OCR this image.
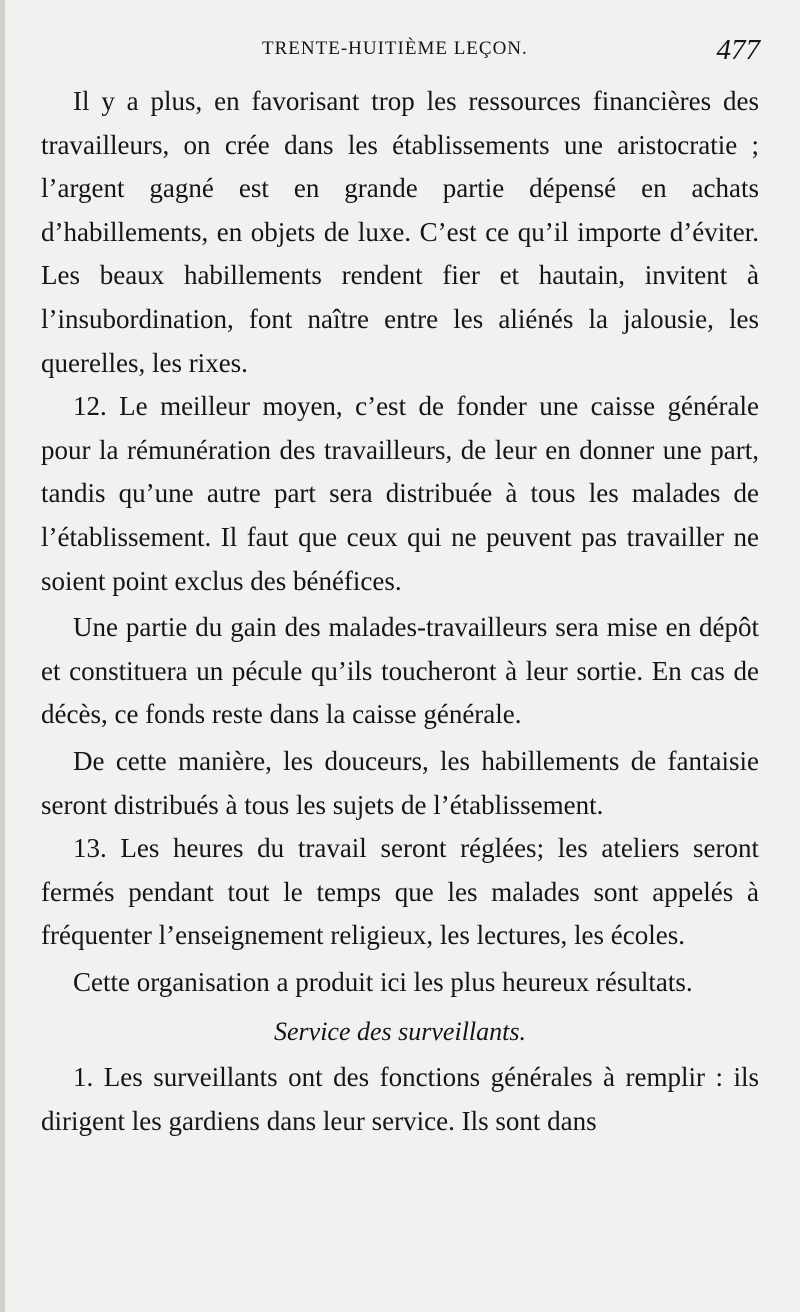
TRENTE-HUITIÈME LEÇON.	477

Il y a plus, en favorisant trop les ressources financières des travailleurs, on crée dans les établissements une aristocratie ; l’argent gagné est en grande partie dépensé en achats d’habillements, en objets de luxe. C’est ce qu’il importe d’éviter. Les beaux habillements rendent fier et hautain, invitent à l’insubordination, font naître entre les aliénés la jalousie, les querelles, les rixes.

12. Le meilleur moyen, c’est de fonder une caisse générale pour la rémunération des travailleurs, de leur en donner une part, tandis qu’une autre part sera distribuée à tous les malades de l’établissement. Il faut que ceux qui ne peuvent pas travailler ne soient point exclus des bénéfices.

Une partie du gain des malades-travailleurs sera mise en dépôt et constituera un pécule qu’ils toucheront à leur sortie. En cas de décès, ce fonds reste dans la caisse générale.

De cette manière, les douceurs, les habillements de fantaisie seront distribués à tous les sujets de l’établissement.

13. Les heures du travail seront réglées; les ateliers seront fermés pendant tout le temps que les malades sont appelés à fréquenter l’enseignement religieux, les lectures, les écoles.

Cette organisation a produit ici les plus heureux résultats.

Service des surveillants.

1. Les surveillants ont des fonctions générales à remplir : ils dirigent les gardiens dans leur service. Ils sont dans
